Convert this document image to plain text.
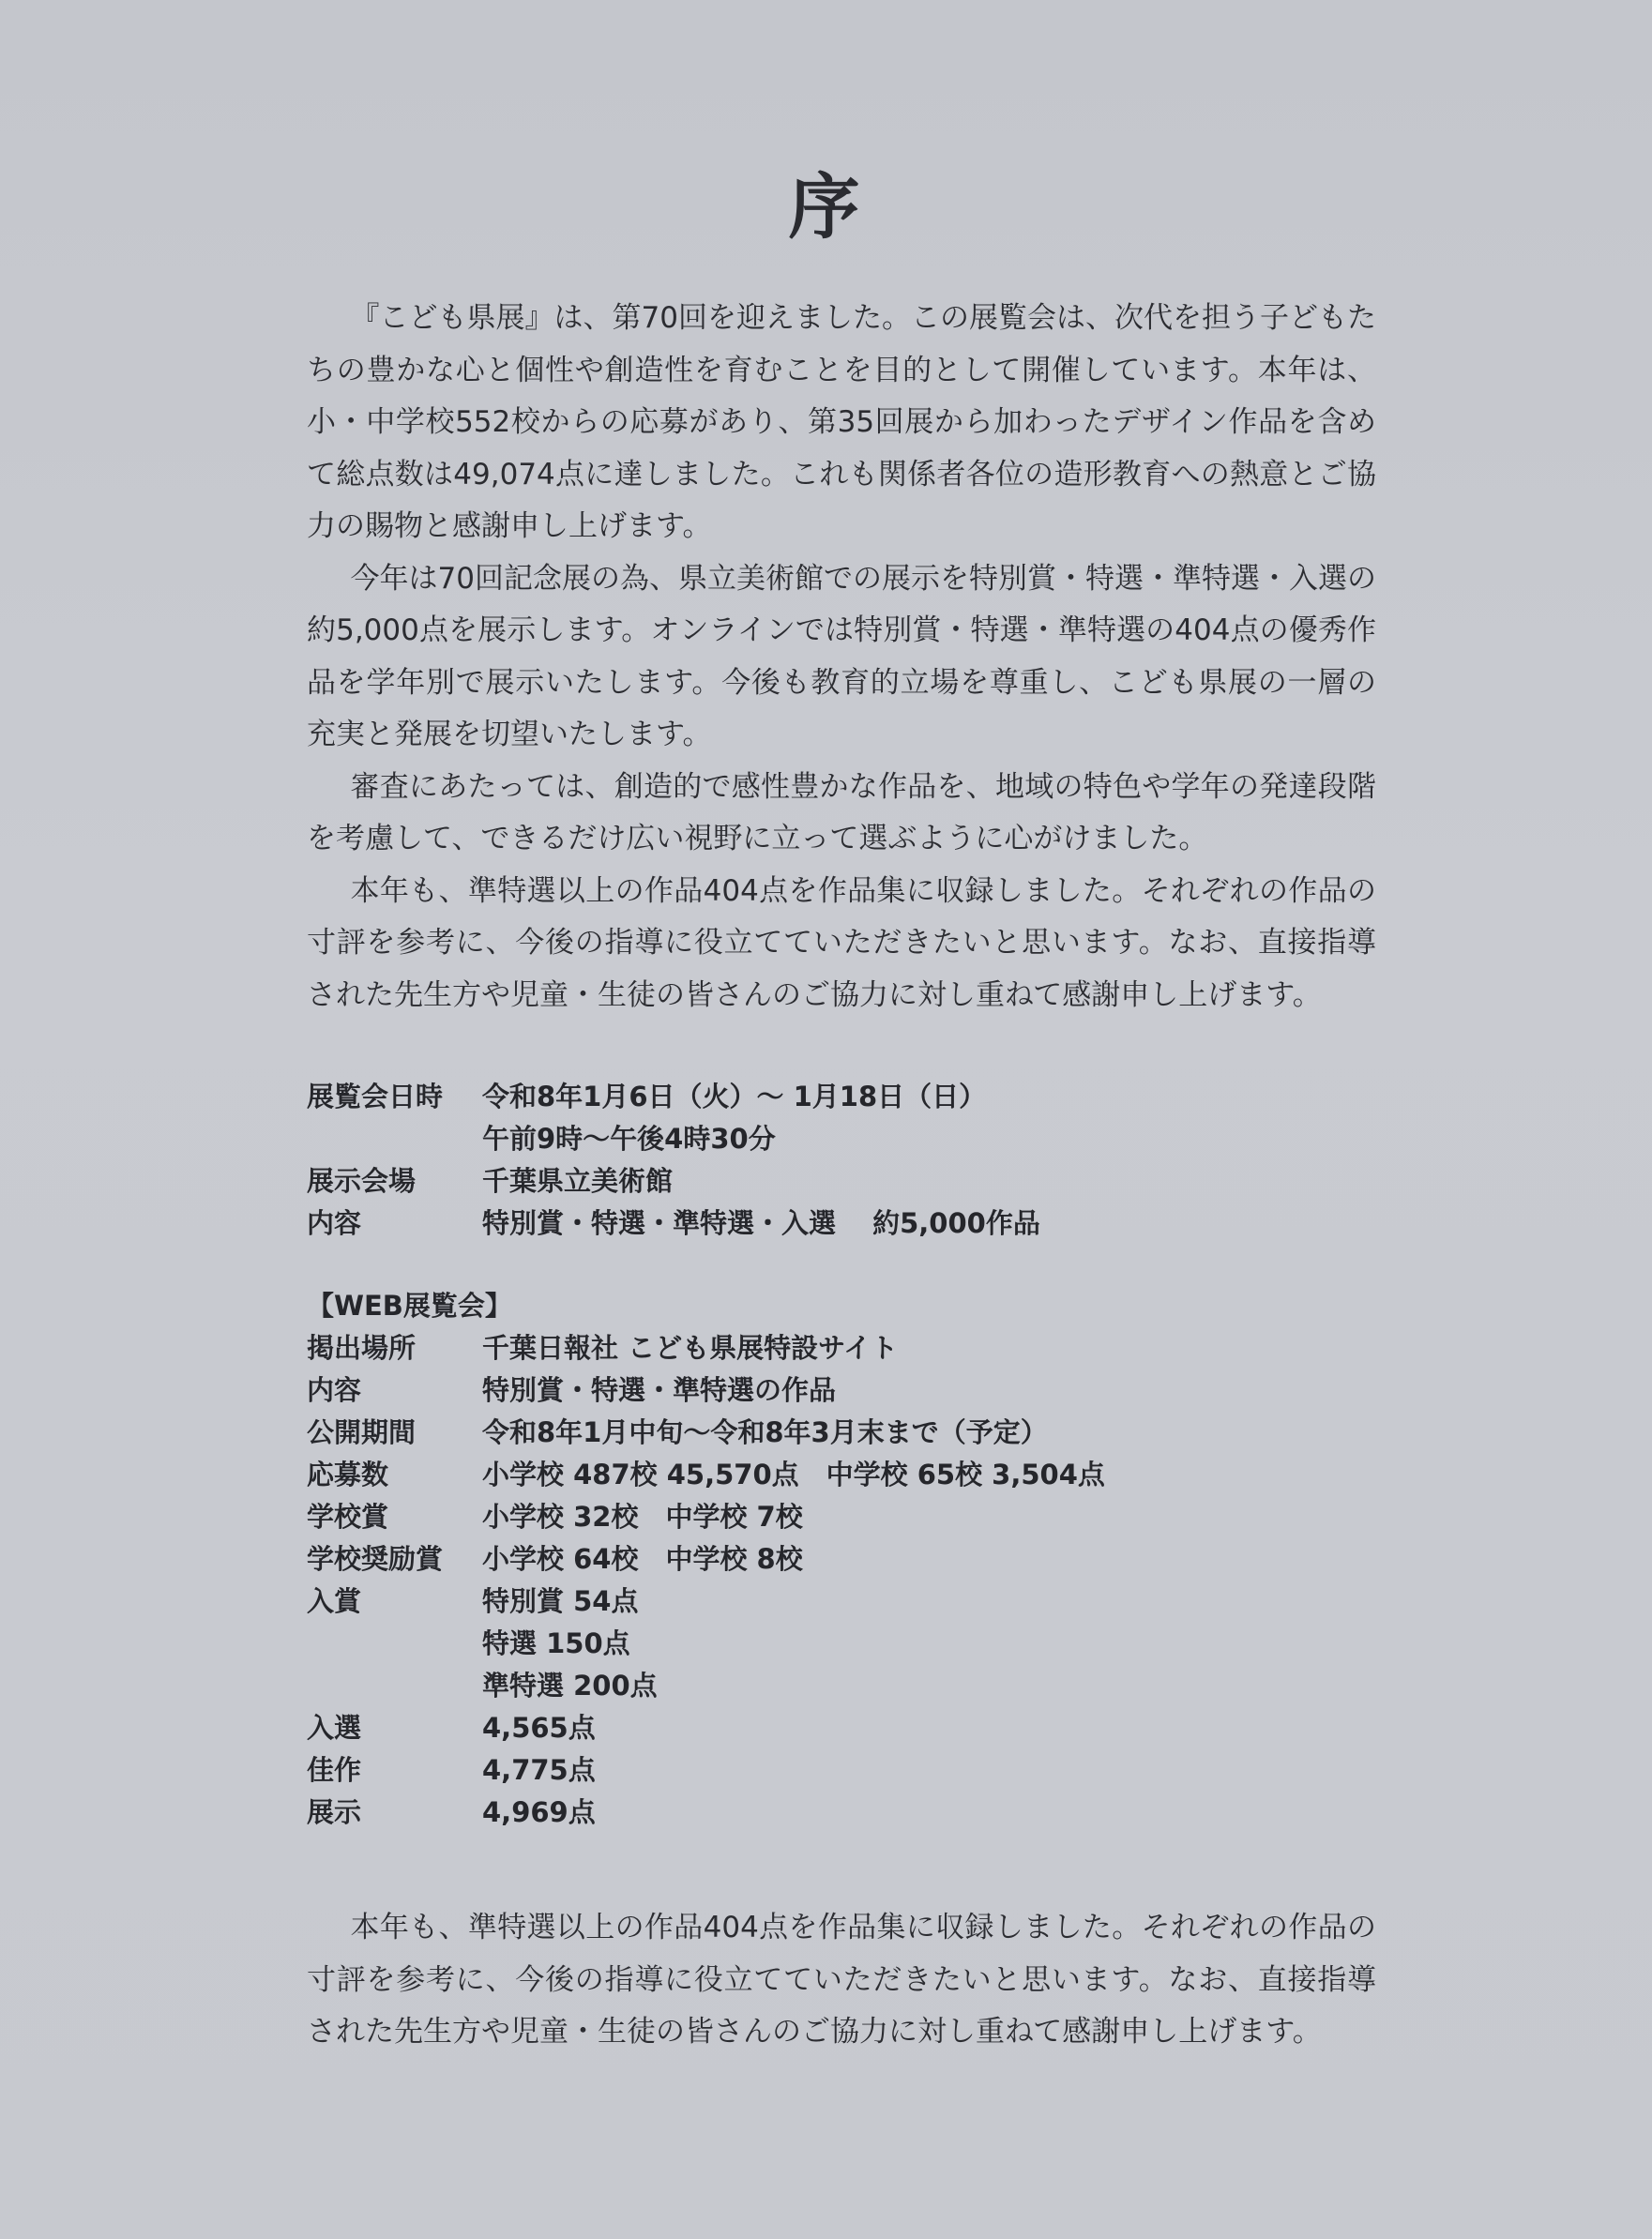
序

『こども県展』は、第70回を迎えました。この展覧会は、次代を担う子どもたちの豊かな心と個性や創造性を育むことを目的として開催しています。本年は、小・中学校552校からの応募があり、第35回展から加わったデザイン作品を含めて総点数は49,074点に達しました。これも関係者各位の造形教育への熱意とご協力の賜物と感謝申し上げます。

今年は70回記念展の為、県立美術館での展示を特別賞・特選・準特選・入選の約5,000点を展示します。オンラインでは特別賞・特選・準特選の404点の優秀作品を学年別で展示いたします。今後も教育的立場を尊重し、こども県展の一層の充実と発展を切望いたします。

審査にあたっては、創造的で感性豊かな作品を、地域の特色や学年の発達段階を考慮して、できるだけ広い視野に立って選ぶように心がけました。

本年も、準特選以上の作品404点を作品集に収録しました。それぞれの作品の寸評を参考に、今後の指導に役立てていただきたいと思います。なお、直接指導された先生方や児童・生徒の皆さんのご協力に対し重ねて感謝申し上げます。

展覧会日時	令和8年1月6日（火）～ 1月18日（日）
午前9時～午後4時30分
展示会場	千葉県立美術館
内容	特別賞・特選・準特選・入選　 約5,000作品
【WEB展覧会】
掲出場所	千葉日報社 こども県展特設サイト
内容	特別賞・特選・準特選の作品
公開期間	令和8年1月中旬～令和8年3月末まで（予定）
応募数	小学校 487校 45,570点　中学校 65校 3,504点
学校賞	小学校 32校　中学校 7校
学校奨励賞	小学校 64校　中学校 8校
入賞	特別賞 54点
特選 150点
準特選 200点
入選	4,565点
佳作	4,775点
展示	4,969点

本年も、準特選以上の作品404点を作品集に収録しました。それぞれの作品の寸評を参考に、今後の指導に役立てていただきたいと思います。なお、直接指導された先生方や児童・生徒の皆さんのご協力に対し重ねて感謝申し上げます。
